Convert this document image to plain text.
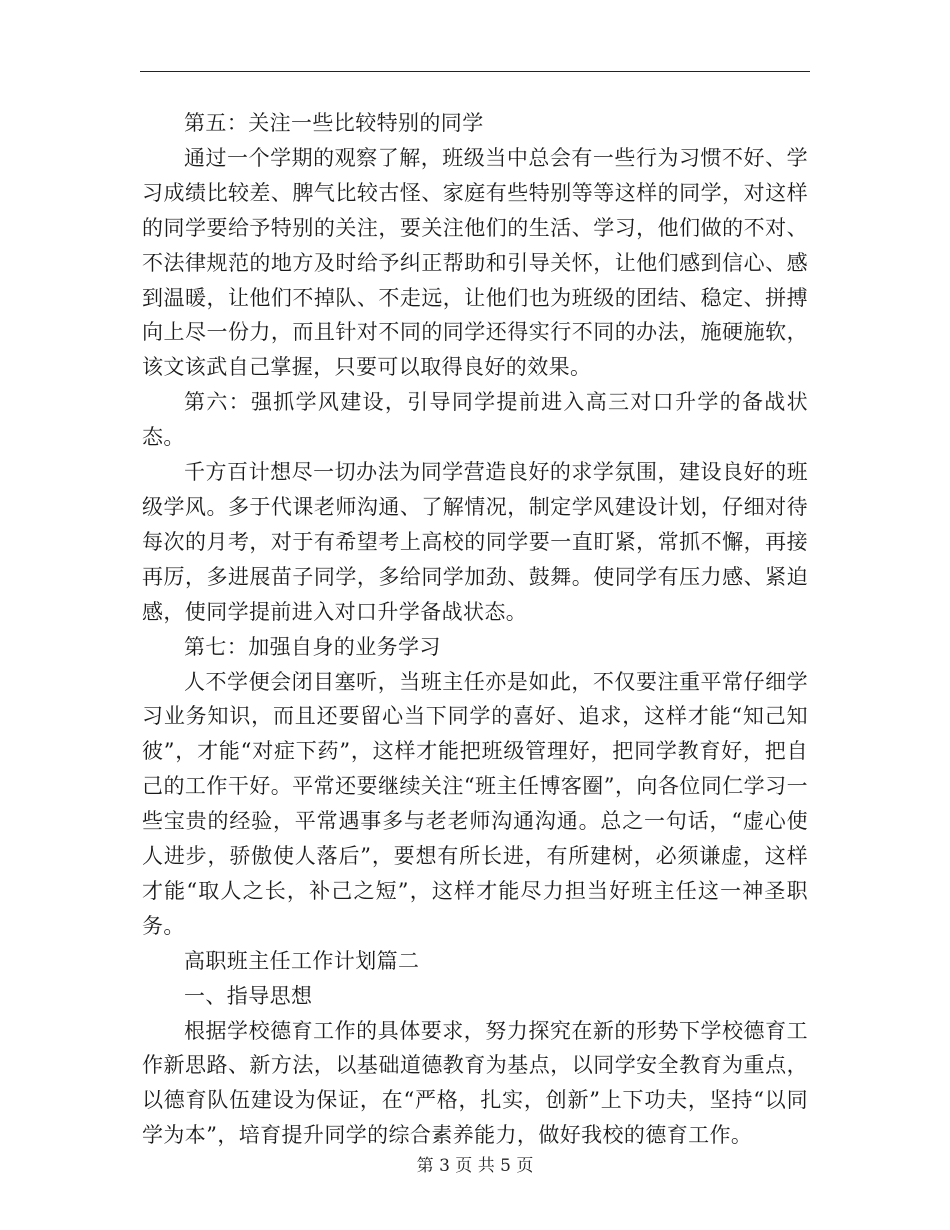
第五：关注一些比较特别的同学

通过一个学期的观察了解，班级当中总会有一些行为习惯不好、学习成绩比较差、脾气比较古怪、家庭有些特别等等这样的同学，对这样的同学要给予特别的关注，要关注他们的生活、学习，他们做的不对、不法律规范的地方及时给予纠正帮助和引导关怀，让他们感到信心、感到温暖，让他们不掉队、不走远，让他们也为班级的团结、稳定、拼搏向上尽一份力，而且针对不同的同学还得实行不同的办法，施硬施软，该文该武自己掌握，只要可以取得良好的效果。

第六：强抓学风建设，引导同学提前进入高三对口升学的备战状态。

千方百计想尽一切办法为同学营造良好的求学氛围，建设良好的班级学风。多于代课老师沟通、了解情况，制定学风建设计划，仔细对待每次的月考，对于有希望考上高校的同学要一直盯紧，常抓不懈，再接再厉，多进展苗子同学，多给同学加劲、鼓舞。使同学有压力感、紧迫感，使同学提前进入对口升学备战状态。

第七：加强自身的业务学习

人不学便会闭目塞听，当班主任亦是如此，不仅要注重平常仔细学习业务知识，而且还要留心当下同学的喜好、追求，这样才能“知己知彼”，才能“对症下药”，这样才能把班级管理好，把同学教育好，把自己的工作干好。平常还要继续关注“班主任博客圈”，向各位同仁学习一些宝贵的经验，平常遇事多与老老师沟通沟通。总之一句话，“虚心使人进步，骄傲使人落后”，要想有所长进，有所建树，必须谦虚，这样才能“取人之长，补己之短”，这样才能尽力担当好班主任这一神圣职务。

高职班主任工作计划篇二

一、指导思想

根据学校德育工作的具体要求，努力探究在新的形势下学校德育工作新思路、新方法，以基础道德教育为基点，以同学安全教育为重点，以德育队伍建设为保证，在“严格，扎实，创新”上下功夫，坚持“以同学为本”，培育提升同学的综合素养能力，做好我校的德育工作。

第 3 页 共 5 页
